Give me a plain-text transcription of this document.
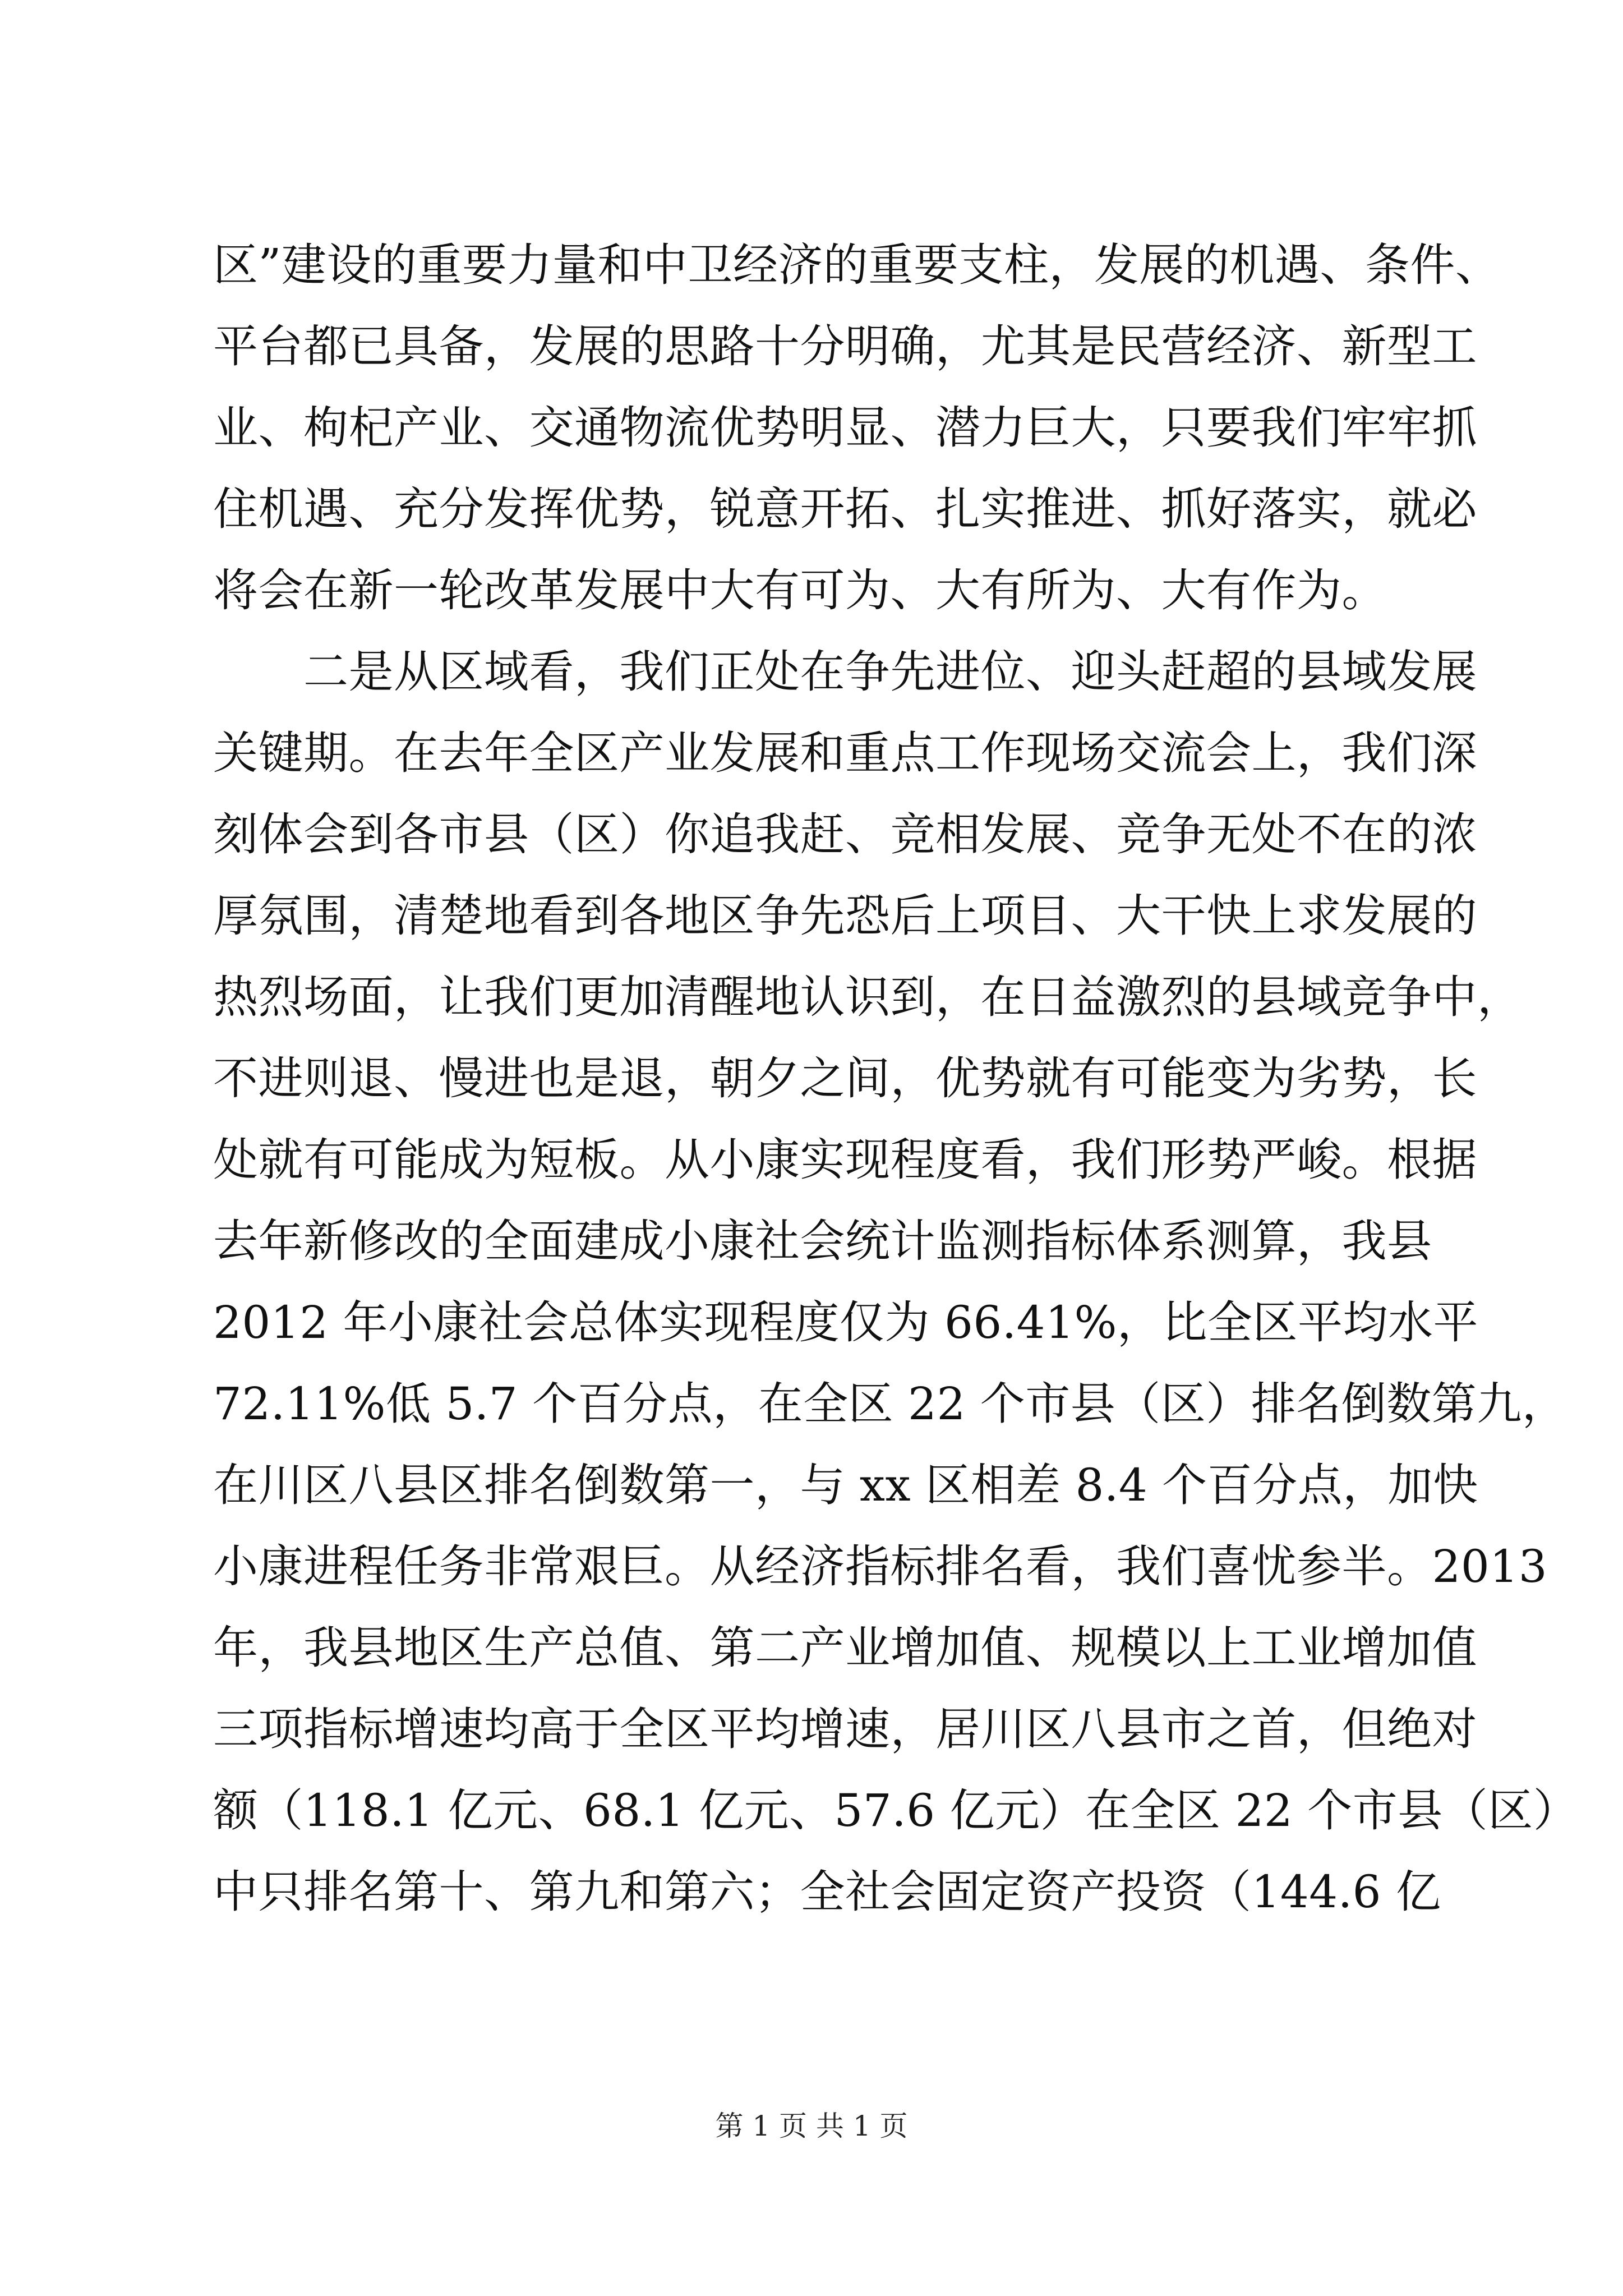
区”建设的重要力量和中卫经济的重要支柱，发展的机遇、条件、
平台都已具备，发展的思路十分明确，尤其是民营经济、新型工
业、枸杞产业、交通物流优势明显、潜力巨大，只要我们牢牢抓
住机遇、充分发挥优势，锐意开拓、扎实推进、抓好落实，就必
将会在新一轮改革发展中大有可为、大有所为、大有作为。
　　二是从区域看，我们正处在争先进位、迎头赶超的县域发展
关键期。在去年全区产业发展和重点工作现场交流会上，我们深
刻体会到各市县（区）你追我赶、竞相发展、竞争无处不在的浓
厚氛围，清楚地看到各地区争先恐后上项目、大干快上求发展的
热烈场面，让我们更加清醒地认识到，在日益激烈的县域竞争中，
不进则退、慢进也是退，朝夕之间，优势就有可能变为劣势，长
处就有可能成为短板。从小康实现程度看，我们形势严峻。根据
去年新修改的全面建成小康社会统计监测指标体系测算，我县
2012 年小康社会总体实现程度仅为 66.41%，比全区平均水平
72.11%低 5.7 个百分点，在全区 22 个市县（区）排名倒数第九，
在川区八县区排名倒数第一，与 xx 区相差 8.4 个百分点，加快
小康进程任务非常艰巨。从经济指标排名看，我们喜忧参半。2013
年，我县地区生产总值、第二产业增加值、规模以上工业增加值
三项指标增速均高于全区平均增速，居川区八县市之首，但绝对
额（118.1 亿元、68.1 亿元、57.6 亿元）在全区 22 个市县（区）
中只排名第十、第九和第六；全社会固定资产投资（144.6 亿
第 1 页 共 1 页
